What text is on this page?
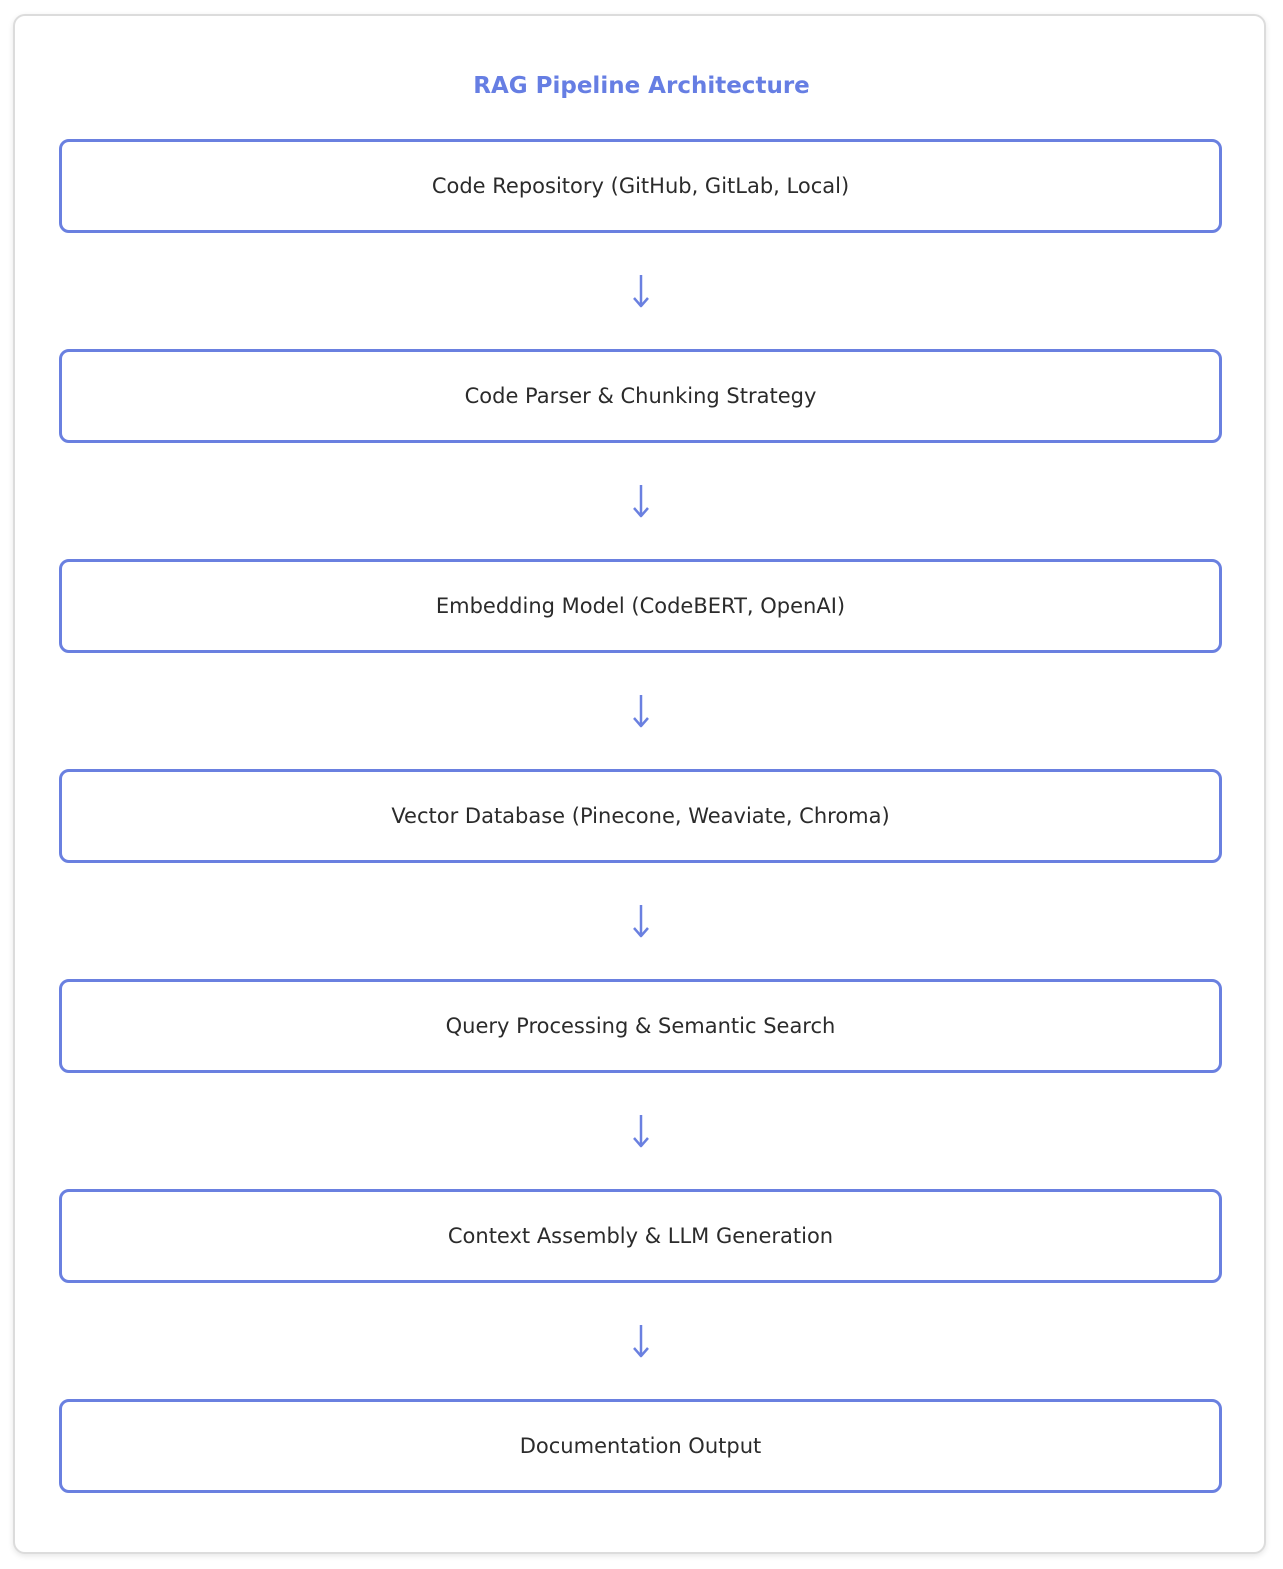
RAG Pipeline Architecture
Code Repository (GitHub, GitLab, Local)
Code Parser & Chunking Strategy
Embedding Model (CodeBERT, OpenAI)
Vector Database (Pinecone, Weaviate, Chroma)
Query Processing & Semantic Search
Context Assembly & LLM Generation
Documentation Output
